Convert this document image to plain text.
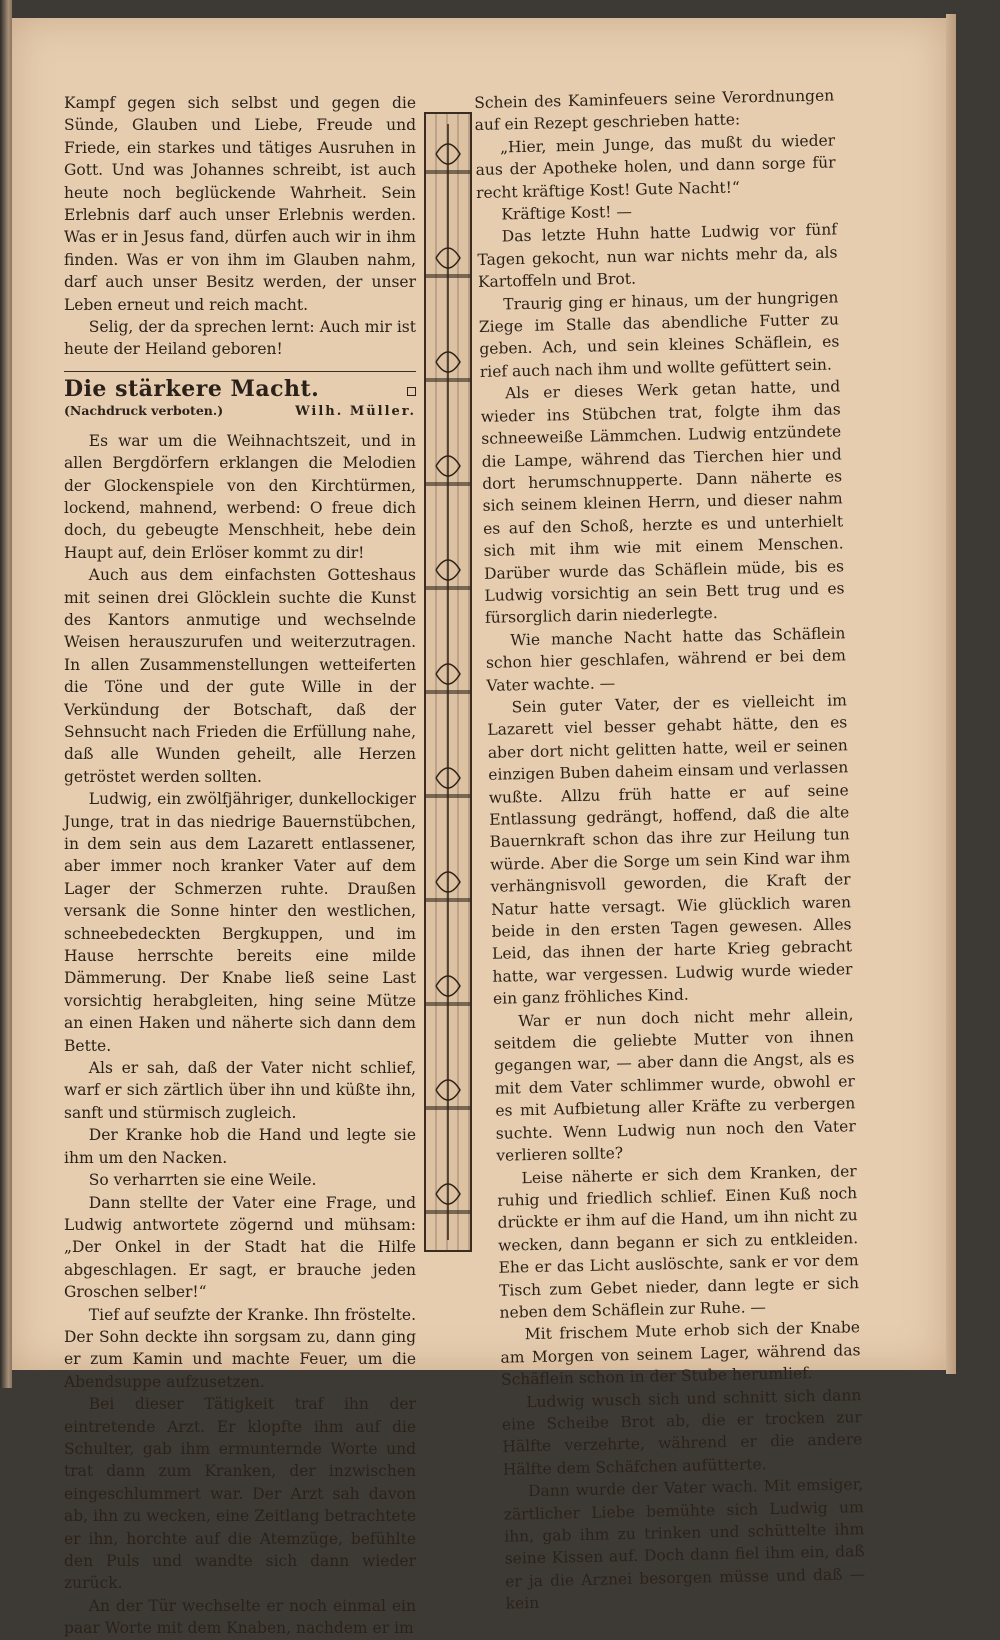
Kampf gegen sich selbst und gegen die Sünde, Glauben und Liebe, Freude und Friede, ein starkes und tätiges Ausruhen in Gott. Und was Johannes schreibt, ist auch heute noch beglückende Wahrheit. Sein Erlebnis darf auch unser Erlebnis werden. Was er in Jesus fand, dürfen auch wir in ihm finden. Was er von ihm im Glauben nahm, darf auch unser Besitz werden, der unser Leben erneut und reich macht.

Selig, der da sprechen lernt: Auch mir ist heute der Heiland geboren!

Die stärkere Macht.
(Nachdruck verboten.)	Wilh. Müller.

Es war um die Weihnachtszeit, und in allen Bergdörfern erklangen die Melodien der Glockenspiele von den Kirchtürmen, lockend, mahnend, werbend: O freue dich doch, du gebeugte Menschheit, hebe dein Haupt auf, dein Erlöser kommt zu dir!

Auch aus dem einfachsten Gotteshaus mit seinen drei Glöcklein suchte die Kunst des Kantors anmutige und wechselnde Weisen herauszurufen und weiterzutragen. In allen Zusammenstellungen wetteiferten die Töne und der gute Wille in der Verkündung der Botschaft, daß der Sehnsucht nach Frieden die Erfüllung nahe, daß alle Wunden geheilt, alle Herzen getröstet werden sollten.

Ludwig, ein zwölfjähriger, dunkellockiger Junge, trat in das niedrige Bauernstübchen, in dem sein aus dem Lazarett entlassener, aber immer noch kranker Vater auf dem Lager der Schmerzen ruhte. Draußen versank die Sonne hinter den westlichen, schneebedeckten Bergkuppen, und im Hause herrschte bereits eine milde Dämmerung. Der Knabe ließ seine Last vorsichtig herabgleiten, hing seine Mütze an einen Haken und näherte sich dann dem Bette.

Als er sah, daß der Vater nicht schlief, warf er sich zärtlich über ihn und küßte ihn, sanft und stürmisch zugleich.

Der Kranke hob die Hand und legte sie ihm um den Nacken.

So verharrten sie eine Weile.

Dann stellte der Vater eine Frage, und Ludwig antwortete zögernd und mühsam: „Der Onkel in der Stadt hat die Hilfe abgeschlagen. Er sagt, er brauche jeden Groschen selber!“

Tief auf seufzte der Kranke. Ihn fröstelte. Der Sohn deckte ihn sorgsam zu, dann ging er zum Kamin und machte Feuer, um die Abendsuppe aufzusetzen.

Bei dieser Tätigkeit traf ihn der eintretende Arzt. Er klopfte ihm auf die Schulter, gab ihm ermunternde Worte und trat dann zum Kranken, der inzwischen eingeschlummert war. Der Arzt sah davon ab, ihn zu wecken, eine Zeitlang betrachtete er ihn, horchte auf die Atemzüge, befühlte den Puls und wandte sich dann wieder zurück.

An der Tür wechselte er noch einmal ein paar Worte mit dem Knaben, nachdem er im

Schein des Kaminfeuers seine Verordnungen auf ein Rezept geschrieben hatte:

„Hier, mein Junge, das mußt du wieder aus der Apotheke holen, und dann sorge für recht kräftige Kost! Gute Nacht!“

Kräftige Kost! —

Das letzte Huhn hatte Ludwig vor fünf Tagen gekocht, nun war nichts mehr da, als Kartoffeln und Brot.

Traurig ging er hinaus, um der hungrigen Ziege im Stalle das abendliche Futter zu geben. Ach, und sein kleines Schäflein, es rief auch nach ihm und wollte gefüttert sein.

Als er dieses Werk getan hatte, und wieder ins Stübchen trat, folgte ihm das schneeweiße Lämmchen. Ludwig entzündete die Lampe, während das Tierchen hier und dort herumschnupperte. Dann näherte es sich seinem kleinen Herrn, und dieser nahm es auf den Schoß, herzte es und unterhielt sich mit ihm wie mit einem Menschen. Darüber wurde das Schäflein müde, bis es Ludwig vorsichtig an sein Bett trug und es fürsorglich darin niederlegte.

Wie manche Nacht hatte das Schäflein schon hier geschlafen, während er bei dem Vater wachte. —

Sein guter Vater, der es vielleicht im Lazarett viel besser gehabt hätte, den es aber dort nicht gelitten hatte, weil er seinen einzigen Buben daheim einsam und verlassen wußte. Allzu früh hatte er auf seine Entlassung gedrängt, hoffend, daß die alte Bauernkraft schon das ihre zur Heilung tun würde. Aber die Sorge um sein Kind war ihm verhängnisvoll geworden, die Kraft der Natur hatte versagt. Wie glücklich waren beide in den ersten Tagen gewesen. Alles Leid, das ihnen der harte Krieg gebracht hatte, war vergessen. Ludwig wurde wieder ein ganz fröhliches Kind.

War er nun doch nicht mehr allein, seitdem die geliebte Mutter von ihnen gegangen war, — aber dann die Angst, als es mit dem Vater schlimmer wurde, obwohl er es mit Aufbietung aller Kräfte zu verbergen suchte. Wenn Ludwig nun noch den Vater verlieren sollte?

Leise näherte er sich dem Kranken, der ruhig und friedlich schlief. Einen Kuß noch drückte er ihm auf die Hand, um ihn nicht zu wecken, dann begann er sich zu entkleiden. Ehe er das Licht auslöschte, sank er vor dem Tisch zum Gebet nieder, dann legte er sich neben dem Schäflein zur Ruhe. —

Mit frischem Mute erhob sich der Knabe am Morgen von seinem Lager, während das Schäflein schon in der Stube herumlief.

Ludwig wusch sich und schnitt sich dann eine Scheibe Brot ab, die er trocken zur Hälfte verzehrte, während er die andere Hälfte dem Schäfchen aufütterte.

Dann wurde der Vater wach. Mit emsiger, zärtlicher Liebe bemühte sich Ludwig um ihn, gab ihm zu trinken und schüttelte ihm seine Kissen auf. Doch dann fiel ihm ein, daß er ja die Arznei besorgen müsse und daß — kein
